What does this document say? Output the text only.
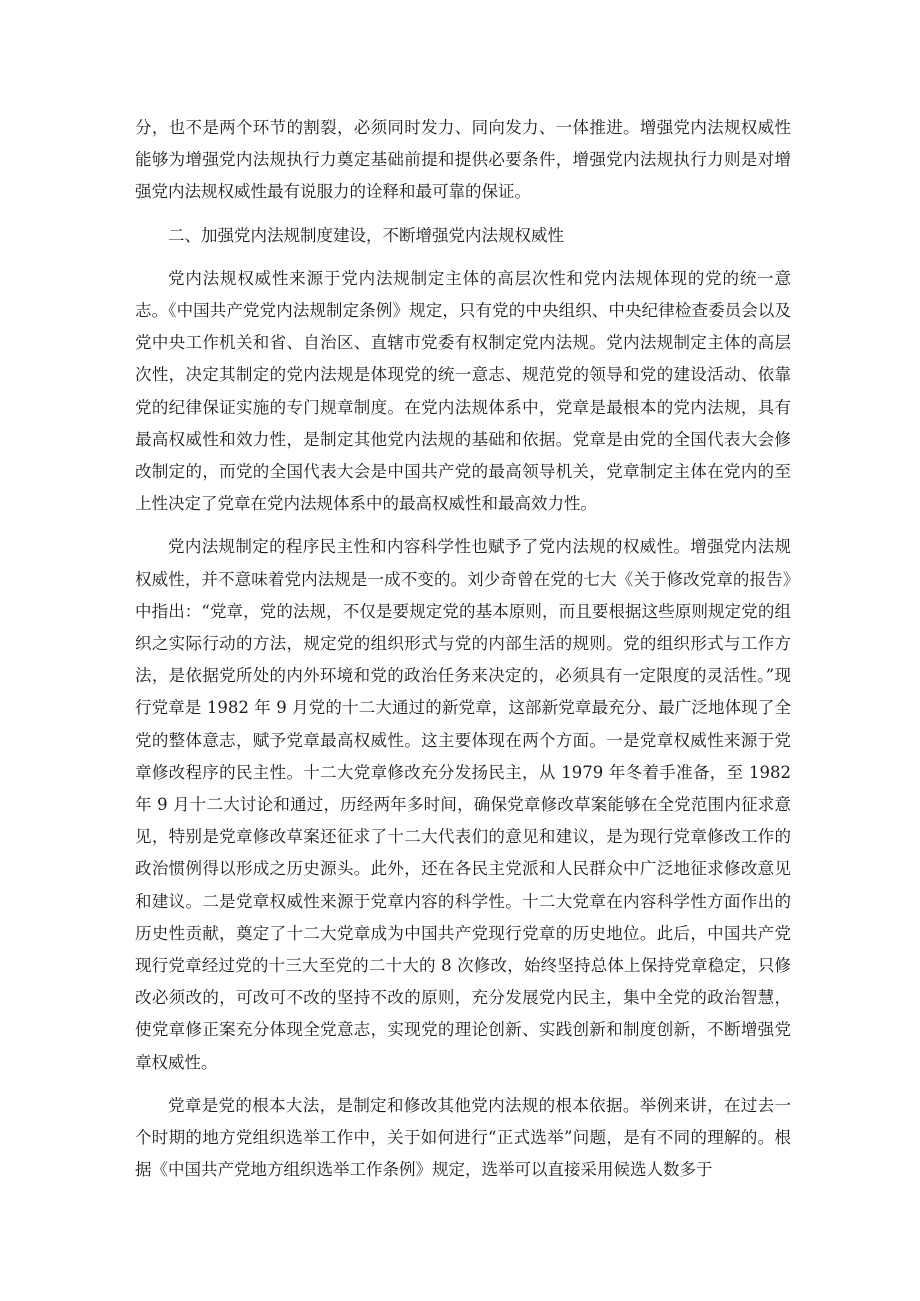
分，也不是两个环节的割裂，必须同时发力、同向发力、一体推进。增强党内法规权威性能够为增强党内法规执行力奠定基础前提和提供必要条件，增强党内法规执行力则是对增强党内法规权威性最有说服力的诠释和最可靠的保证。

二、加强党内法规制度建设，不断增强党内法规权威性

党内法规权威性来源于党内法规制定主体的高层次性和党内法规体现的党的统一意志。《中国共产党党内法规制定条例》规定，只有党的中央组织、中央纪律检查委员会以及党中央工作机关和省、自治区、直辖市党委有权制定党内法规。党内法规制定主体的高层次性，决定其制定的党内法规是体现党的统一意志、规范党的领导和党的建设活动、依靠党的纪律保证实施的专门规章制度。在党内法规体系中，党章是最根本的党内法规，具有最高权威性和效力性，是制定其他党内法规的基础和依据。党章是由党的全国代表大会修改制定的，而党的全国代表大会是中国共产党的最高领导机关，党章制定主体在党内的至上性决定了党章在党内法规体系中的最高权威性和最高效力性。

党内法规制定的程序民主性和内容科学性也赋予了党内法规的权威性。增强党内法规权威性，并不意味着党内法规是一成不变的。刘少奇曾在党的七大《关于修改党章的报告》中指出：“党章，党的法规，不仅是要规定党的基本原则，而且要根据这些原则规定党的组织之实际行动的方法，规定党的组织形式与党的内部生活的规则。党的组织形式与工作方法，是依据党所处的内外环境和党的政治任务来决定的，必须具有一定限度的灵活性。”现行党章是 1982 年 9 月党的十二大通过的新党章，这部新党章最充分、最广泛地体现了全党的整体意志，赋予党章最高权威性。这主要体现在两个方面。一是党章权威性来源于党章修改程序的民主性。十二大党章修改充分发扬民主，从 1979 年冬着手准备，至 1982 年 9 月十二大讨论和通过，历经两年多时间，确保党章修改草案能够在全党范围内征求意见，特别是党章修改草案还征求了十二大代表们的意见和建议，是为现行党章修改工作的政治惯例得以形成之历史源头。此外，还在各民主党派和人民群众中广泛地征求修改意见和建议。二是党章权威性来源于党章内容的科学性。十二大党章在内容科学性方面作出的历史性贡献，奠定了十二大党章成为中国共产党现行党章的历史地位。此后，中国共产党现行党章经过党的十三大至党的二十大的 8 次修改，始终坚持总体上保持党章稳定，只修改必须改的，可改可不改的坚持不改的原则，充分发展党内民主，集中全党的政治智慧，使党章修正案充分体现全党意志，实现党的理论创新、实践创新和制度创新，不断增强党章权威性。

党章是党的根本大法，是制定和修改其他党内法规的根本依据。举例来讲，在过去一个时期的地方党组织选举工作中，关于如何进行“正式选举”问题，是有不同的理解的。根据《中国共产党地方组织选举工作条例》规定，选举可以直接采用候选人数多于
